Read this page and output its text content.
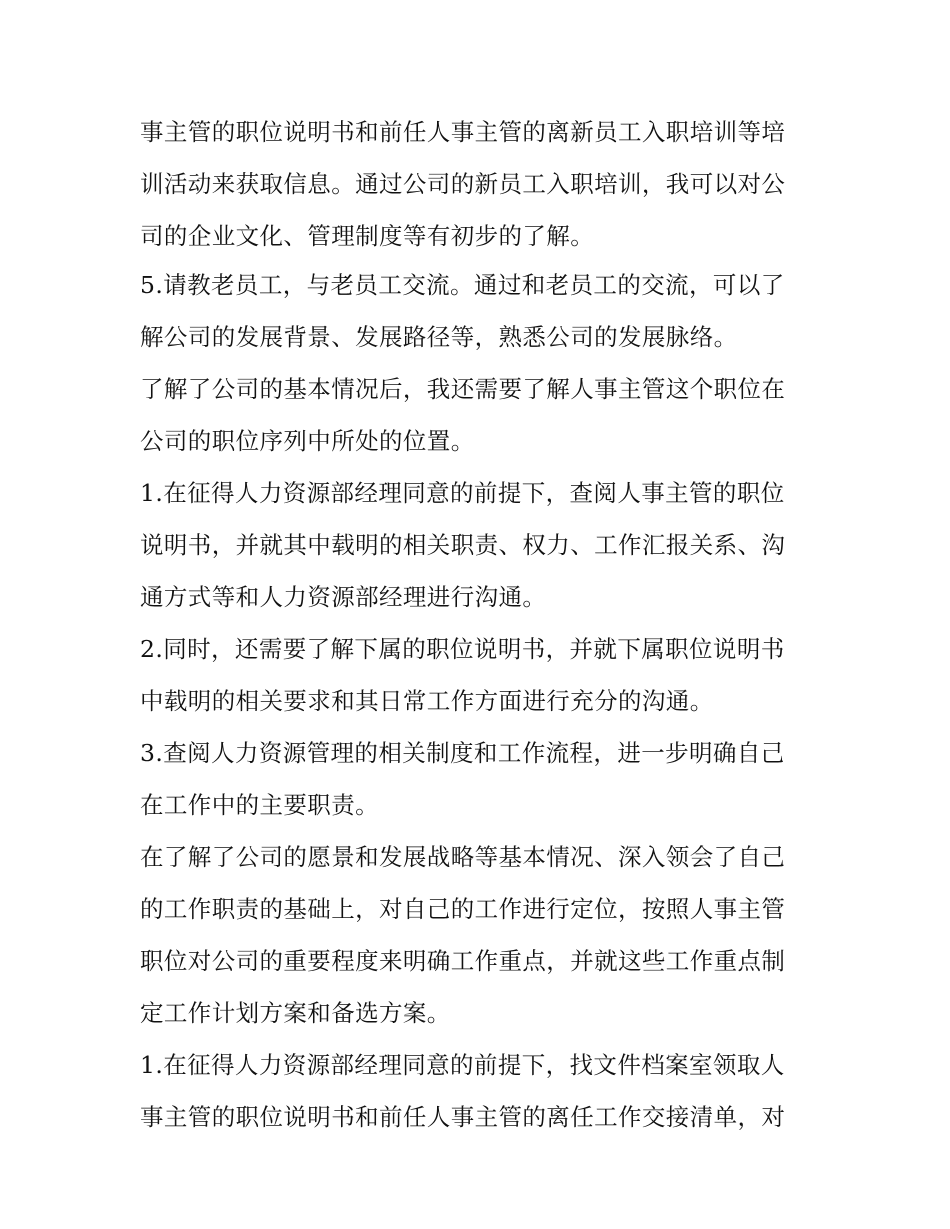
事主管的职位说明书和前任人事主管的离新员工入职培训等培
训活动来获取信息。通过公司的新员工入职培训，我可以对公
司的企业文化、管理制度等有初步的了解。
5.请教老员工，与老员工交流。通过和老员工的交流，可以了
解公司的发展背景、发展路径等，熟悉公司的发展脉络。
了解了公司的基本情况后，我还需要了解人事主管这个职位在
公司的职位序列中所处的位置。
1.在征得人力资源部经理同意的前提下，查阅人事主管的职位
说明书，并就其中载明的相关职责、权力、工作汇报关系、沟
通方式等和人力资源部经理进行沟通。
2.同时，还需要了解下属的职位说明书，并就下属职位说明书
中载明的相关要求和其日常工作方面进行充分的沟通。
3.查阅人力资源管理的相关制度和工作流程，进一步明确自己
在工作中的主要职责。
在了解了公司的愿景和发展战略等基本情况、深入领会了自己
的工作职责的基础上，对自己的工作进行定位，按照人事主管
职位对公司的重要程度来明确工作重点，并就这些工作重点制
定工作计划方案和备选方案。
1.在征得人力资源部经理同意的前提下，找文件档案室领取人
事主管的职位说明书和前任人事主管的离任工作交接清单，对
